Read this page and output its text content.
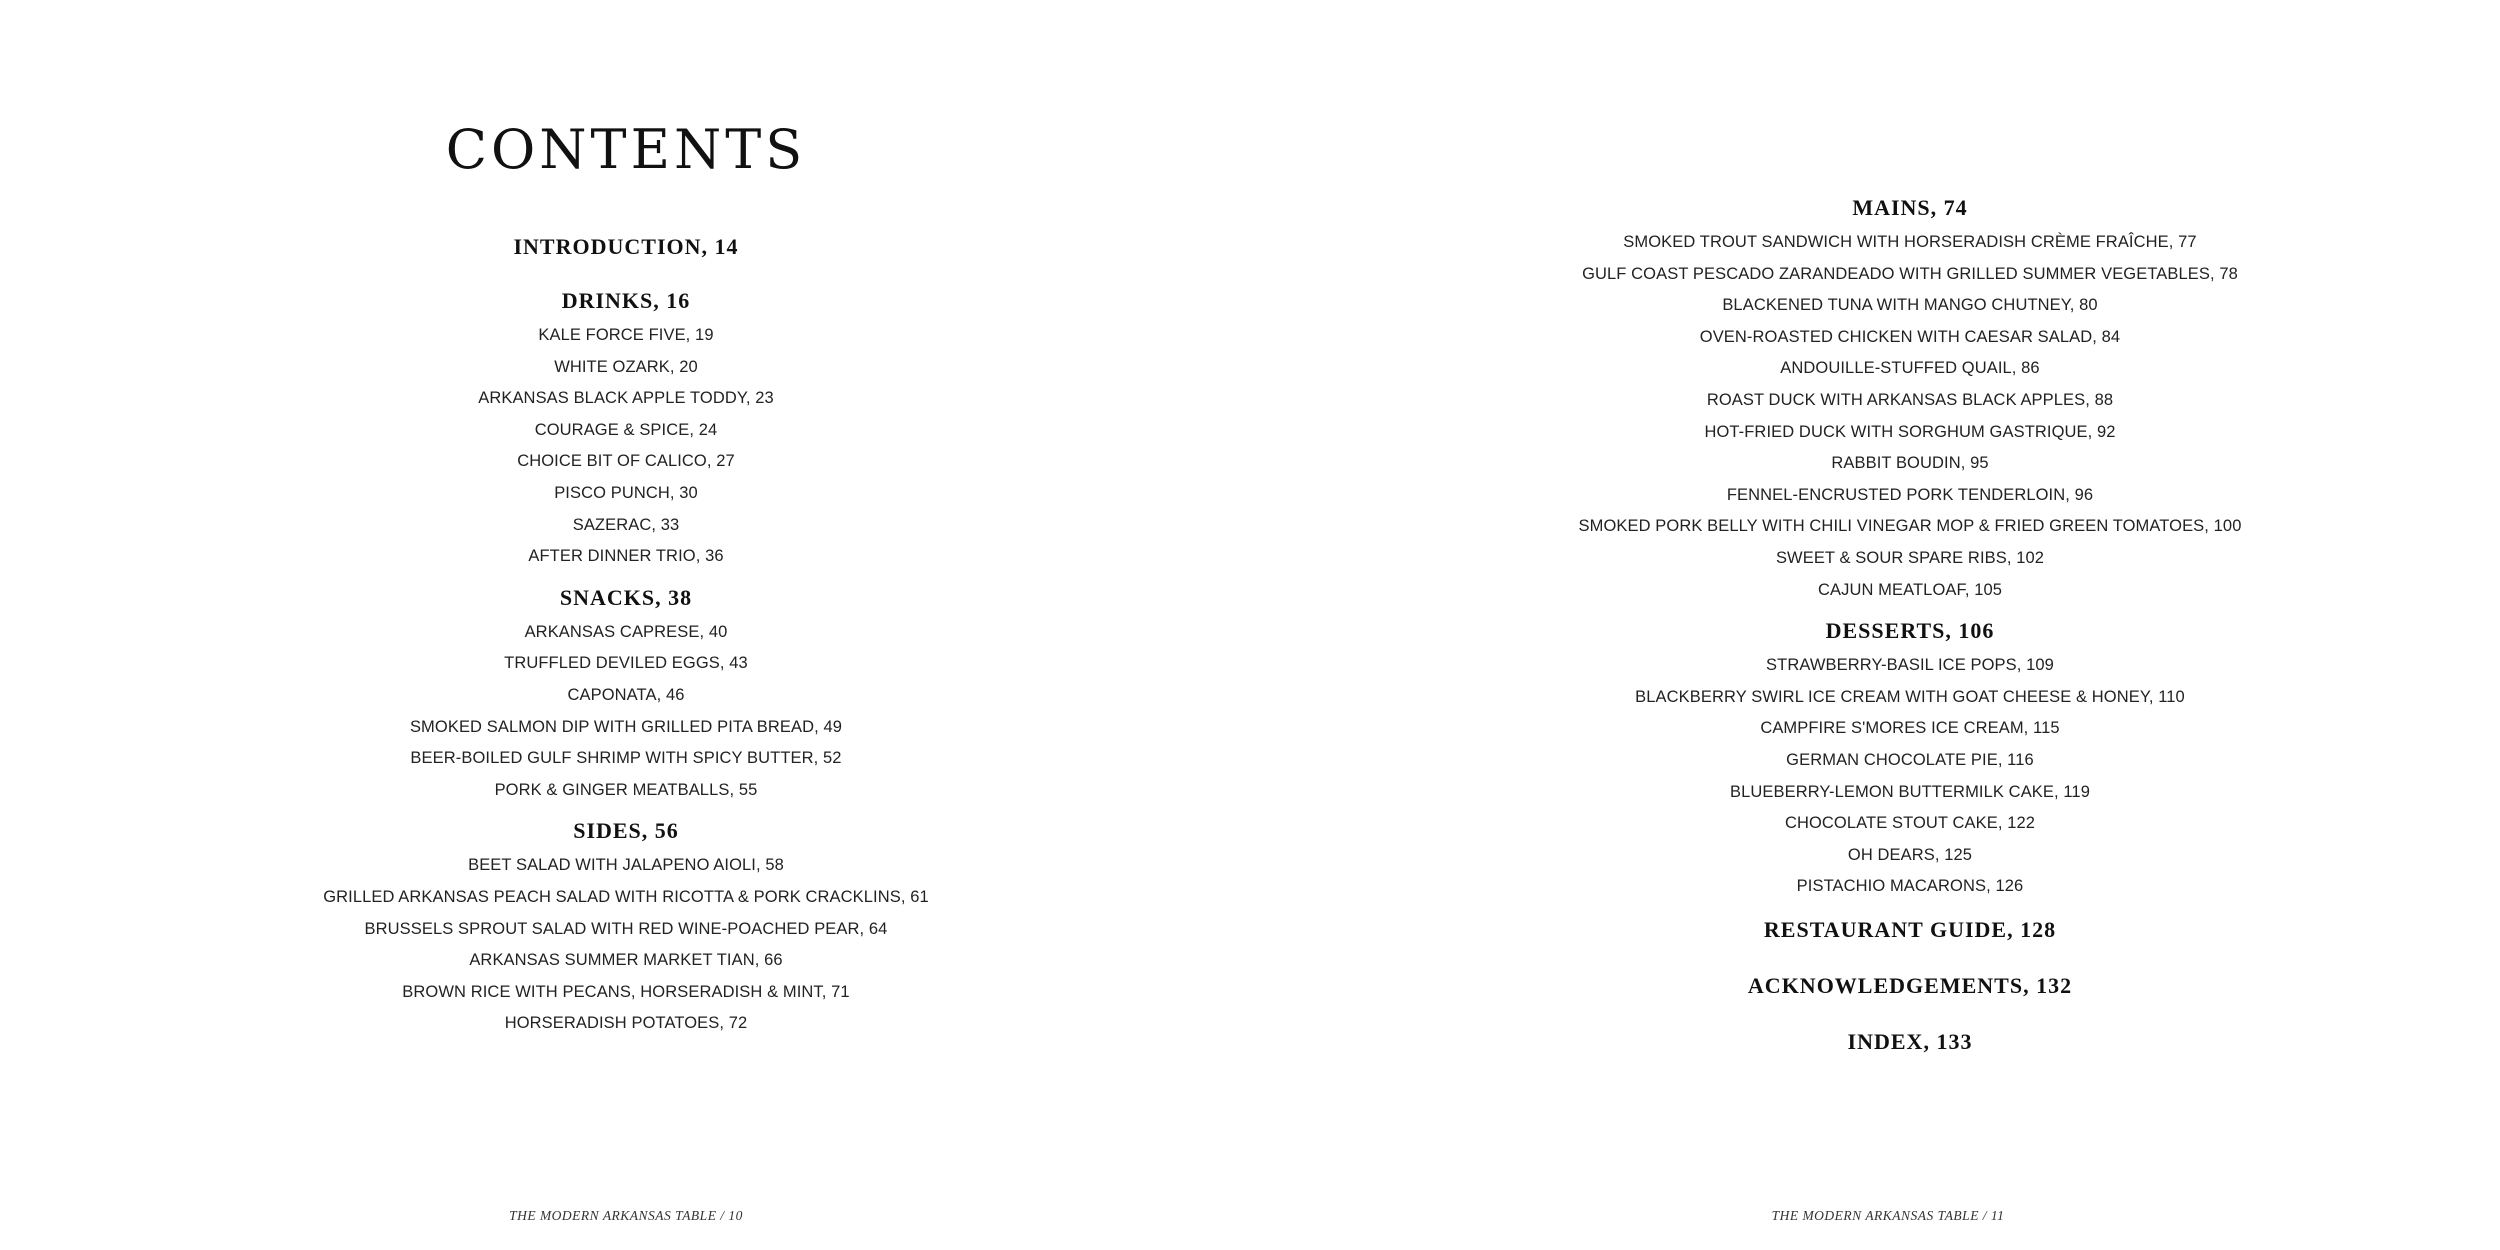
CONTENTS
INTRODUCTION, 14
DRINKS, 16
KALE FORCE FIVE, 19
WHITE OZARK, 20
ARKANSAS BLACK APPLE TODDY, 23
COURAGE & SPICE, 24
CHOICE BIT OF CALICO, 27
PISCO PUNCH, 30
SAZERAC, 33
AFTER DINNER TRIO, 36
SNACKS, 38
ARKANSAS CAPRESE, 40
TRUFFLED DEVILED EGGS, 43
CAPONATA, 46
SMOKED SALMON DIP WITH GRILLED PITA BREAD, 49
BEER-BOILED GULF SHRIMP WITH SPICY BUTTER, 52
PORK & GINGER MEATBALLS, 55
SIDES, 56
BEET SALAD WITH JALAPENO AIOLI, 58
GRILLED ARKANSAS PEACH SALAD WITH RICOTTA & PORK CRACKLINS, 61
BRUSSELS SPROUT SALAD WITH RED WINE-POACHED PEAR, 64
ARKANSAS SUMMER MARKET TIAN, 66
BROWN RICE WITH PECANS, HORSERADISH & MINT, 71
HORSERADISH POTATOES, 72
MAINS, 74
SMOKED TROUT SANDWICH WITH HORSERADISH CRÈME FRAÎCHE, 77
GULF COAST PESCADO ZARANDEADO WITH GRILLED SUMMER VEGETABLES, 78
BLACKENED TUNA WITH MANGO CHUTNEY, 80
OVEN-ROASTED CHICKEN WITH CAESAR SALAD, 84
ANDOUILLE-STUFFED QUAIL, 86
ROAST DUCK WITH ARKANSAS BLACK APPLES, 88
HOT-FRIED DUCK WITH SORGHUM GASTRIQUE, 92
RABBIT BOUDIN, 95
FENNEL-ENCRUSTED PORK TENDERLOIN, 96
SMOKED PORK BELLY WITH CHILI VINEGAR MOP & FRIED GREEN TOMATOES, 100
SWEET & SOUR SPARE RIBS, 102
CAJUN MEATLOAF, 105
DESSERTS, 106
STRAWBERRY-BASIL ICE POPS, 109
BLACKBERRY SWIRL ICE CREAM WITH GOAT CHEESE & HONEY, 110
CAMPFIRE S'MORES ICE CREAM, 115
GERMAN CHOCOLATE PIE, 116
BLUEBERRY-LEMON BUTTERMILK CAKE, 119
CHOCOLATE STOUT CAKE, 122
OH DEARS, 125
PISTACHIO MACARONS, 126
RESTAURANT GUIDE, 128
ACKNOWLEDGEMENTS, 132
INDEX, 133
THE MODERN ARKANSAS TABLE / 10	THE MODERN ARKANSAS TABLE / 11
